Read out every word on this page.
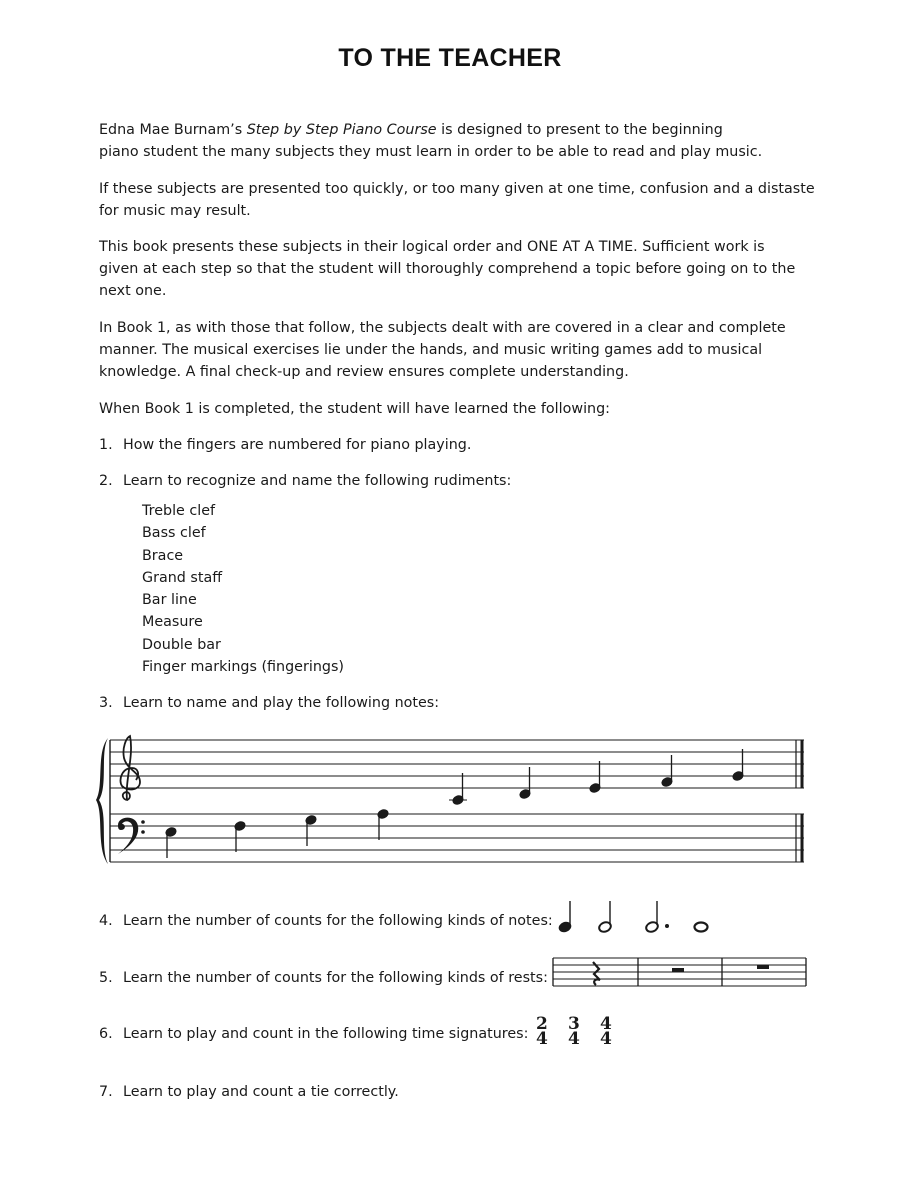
TO THE TEACHER
Edna Mae Burnam’s Step by Step Piano Course is designed to present to the beginning
piano student the many subjects they must learn in order to be able to read and play music.
If these subjects are presented too quickly, or too many given at one time, confusion and a distaste
for music may result.
This book presents these subjects in their logical order and ONE AT A TIME. Sufficient work is
given at each step so that the student will thoroughly comprehend a topic before going on to the
next one.
In Book 1, as with those that follow, the subjects dealt with are covered in a clear and complete
manner. The musical exercises lie under the hands, and music writing games add to musical
knowledge. A final check-up and review ensures complete understanding.
When Book 1 is completed, the student will have learned the following:
1. How the fingers are numbered for piano playing.
2. Learn to recognize and name the following rudiments:
Treble clef
Bass clef
Brace
Grand staff
Bar line
Measure
Double bar
Finger markings (fingerings)
3. Learn to name and play the following notes:
4. Learn the number of counts for the following kinds of notes:
5. Learn the number of counts for the following kinds of rests:
6. Learn to play and count in the following time signatures: 2
4
3
4
4
4
7. Learn to play and count a tie correctly.
